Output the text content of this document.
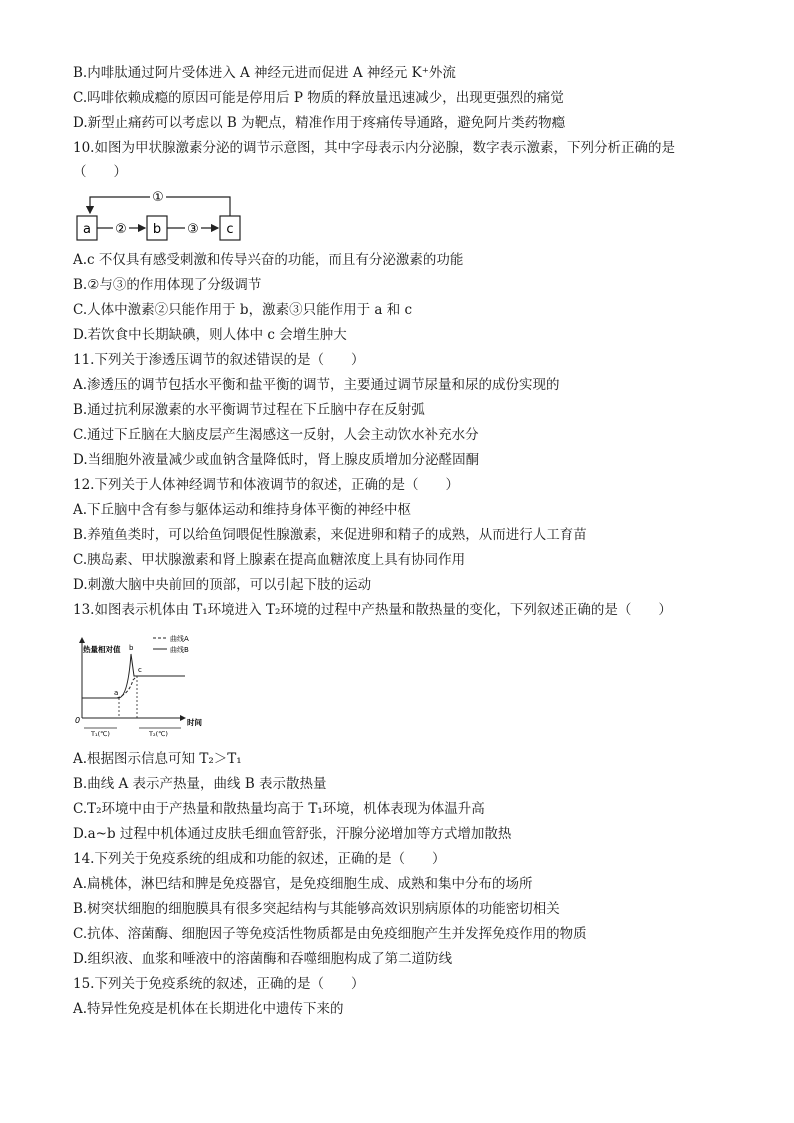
B.内啡肽通过阿片受体进入 A 神经元进而促进 A 神经元 K⁺外流
C.吗啡依赖成瘾的原因可能是停用后 P 物质的释放量迅速减少，出现更强烈的痛觉
D.新型止痛药可以考虑以 B 为靶点，精准作用于疼痛传导通路，避免阿片类药物瘾
10.如图为甲状腺激素分泌的调节示意图，其中字母表示内分泌腺，数字表示激素，下列分析正确的是
（　　）
a	b	c
①
②	③
A.c 不仅具有感受刺激和传导兴奋的功能，而且有分泌激素的功能
B.②与③的作用体现了分级调节
C.人体中激素②只能作用于 b，激素③只能作用于 a 和 c
D.若饮食中长期缺碘，则人体中 c 会增生肿大
11.下列关于渗透压调节的叙述错误的是（　　）
A.渗透压的调节包括水平衡和盐平衡的调节，主要通过调节尿量和尿的成份实现的
B.通过抗利尿激素的水平衡调节过程在下丘脑中存在反射弧
C.通过下丘脑在大脑皮层产生渴感这一反射，人会主动饮水补充水分
D.当细胞外液量减少或血钠含量降低时，肾上腺皮质增加分泌醛固酮
12.下列关于人体神经调节和体液调节的叙述，正确的是（　　）
A.下丘脑中含有参与躯体运动和维持身体平衡的神经中枢
B.养殖鱼类时，可以给鱼饲喂促性腺激素，来促进卵和精子的成熟，从而进行人工育苗
C.胰岛素、甲状腺激素和肾上腺素在提高血糖浓度上具有协同作用
D.刺激大脑中央前回的顶部，可以引起下肢的运动
13.如图表示机体由 T₁环境进入 T₂环境的过程中产热量和散热量的变化，下列叙述正确的是（　　）
热量相对值
时间
0
曲线A
曲线B
a
b
c
T₁(℃)	T₂(℃)
A.根据图示信息可知 T₂＞T₁
B.曲线 A 表示产热量，曲线 B 表示散热量
C.T₂环境中由于产热量和散热量均高于 T₁环境，机体表现为体温升高
D.a~b 过程中机体通过皮肤毛细血管舒张，汗腺分泌增加等方式增加散热
14.下列关于免疫系统的组成和功能的叙述，正确的是（　　）
A.扁桃体，淋巴结和脾是免疫器官，是免疫细胞生成、成熟和集中分布的场所
B.树突状细胞的细胞膜具有很多突起结构与其能够高效识别病原体的功能密切相关
C.抗体、溶菌酶、细胞因子等免疫活性物质都是由免疫细胞产生并发挥免疫作用的物质
D.组织液、血浆和唾液中的溶菌酶和吞噬细胞构成了第二道防线
15.下列关于免疫系统的叙述，正确的是（　　）
A.特异性免疫是机体在长期进化中遗传下来的
